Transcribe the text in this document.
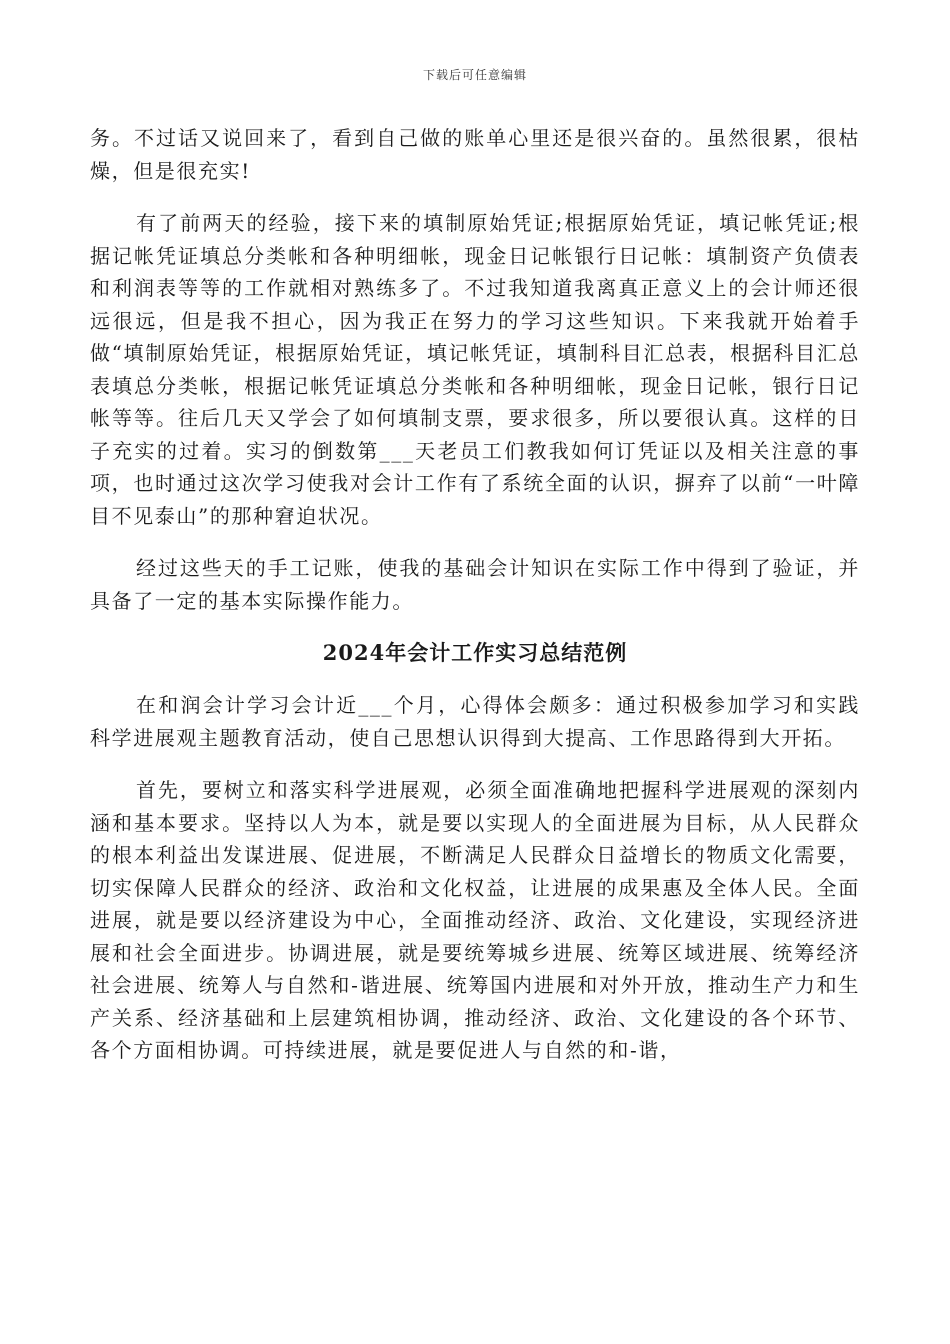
下载后可任意编辑

务。不过话又说回来了，看到自己做的账单心里还是很兴奋的。虽然很累，很枯燥，但是很充实!

有了前两天的经验，接下来的填制原始凭证;根据原始凭证，填记帐凭证;根据记帐凭证填总分类帐和各种明细帐，现金日记帐银行日记帐：填制资产负债表和利润表等等的工作就相对熟练多了。不过我知道我离真正意义上的会计师还很远很远，但是我不担心，因为我正在努力的学习这些知识。下来我就开始着手做“填制原始凭证，根据原始凭证，填记帐凭证，填制科目汇总表，根据科目汇总表填总分类帐，根据记帐凭证填总分类帐和各种明细帐，现金日记帐，银行日记帐等等。往后几天又学会了如何填制支票，要求很多，所以要很认真。这样的日子充实的过着。实习的倒数第___天老员工们教我如何订凭证以及相关注意的事项，也时通过这次学习使我对会计工作有了系统全面的认识，摒弃了以前“一叶障目不见泰山”的那种窘迫状况。

经过这些天的手工记账，使我的基础会计知识在实际工作中得到了验证，并具备了一定的基本实际操作能力。

2024年会计工作实习总结范例

在和润会计学习会计近___个月，心得体会颇多：通过积极参加学习和实践科学进展观主题教育活动，使自己思想认识得到大提高、工作思路得到大开拓。

首先，要树立和落实科学进展观，必须全面准确地把握科学进展观的深刻内涵和基本要求。坚持以人为本，就是要以实现人的全面进展为目标，从人民群众的根本利益出发谋进展、促进展，不断满足人民群众日益增长的物质文化需要，切实保障人民群众的经济、政治和文化权益，让进展的成果惠及全体人民。全面进展，就是要以经济建设为中心，全面推动经济、政治、文化建设，实现经济进展和社会全面进步。协调进展，就是要统筹城乡进展、统筹区域进展、统筹经济社会进展、统筹人与自然和-谐进展、统筹国内进展和对外开放，推动生产力和生产关系、经济基础和上层建筑相协调，推动经济、政治、文化建设的各个环节、各个方面相协调。可持续进展，就是要促进人与自然的和-谐，
